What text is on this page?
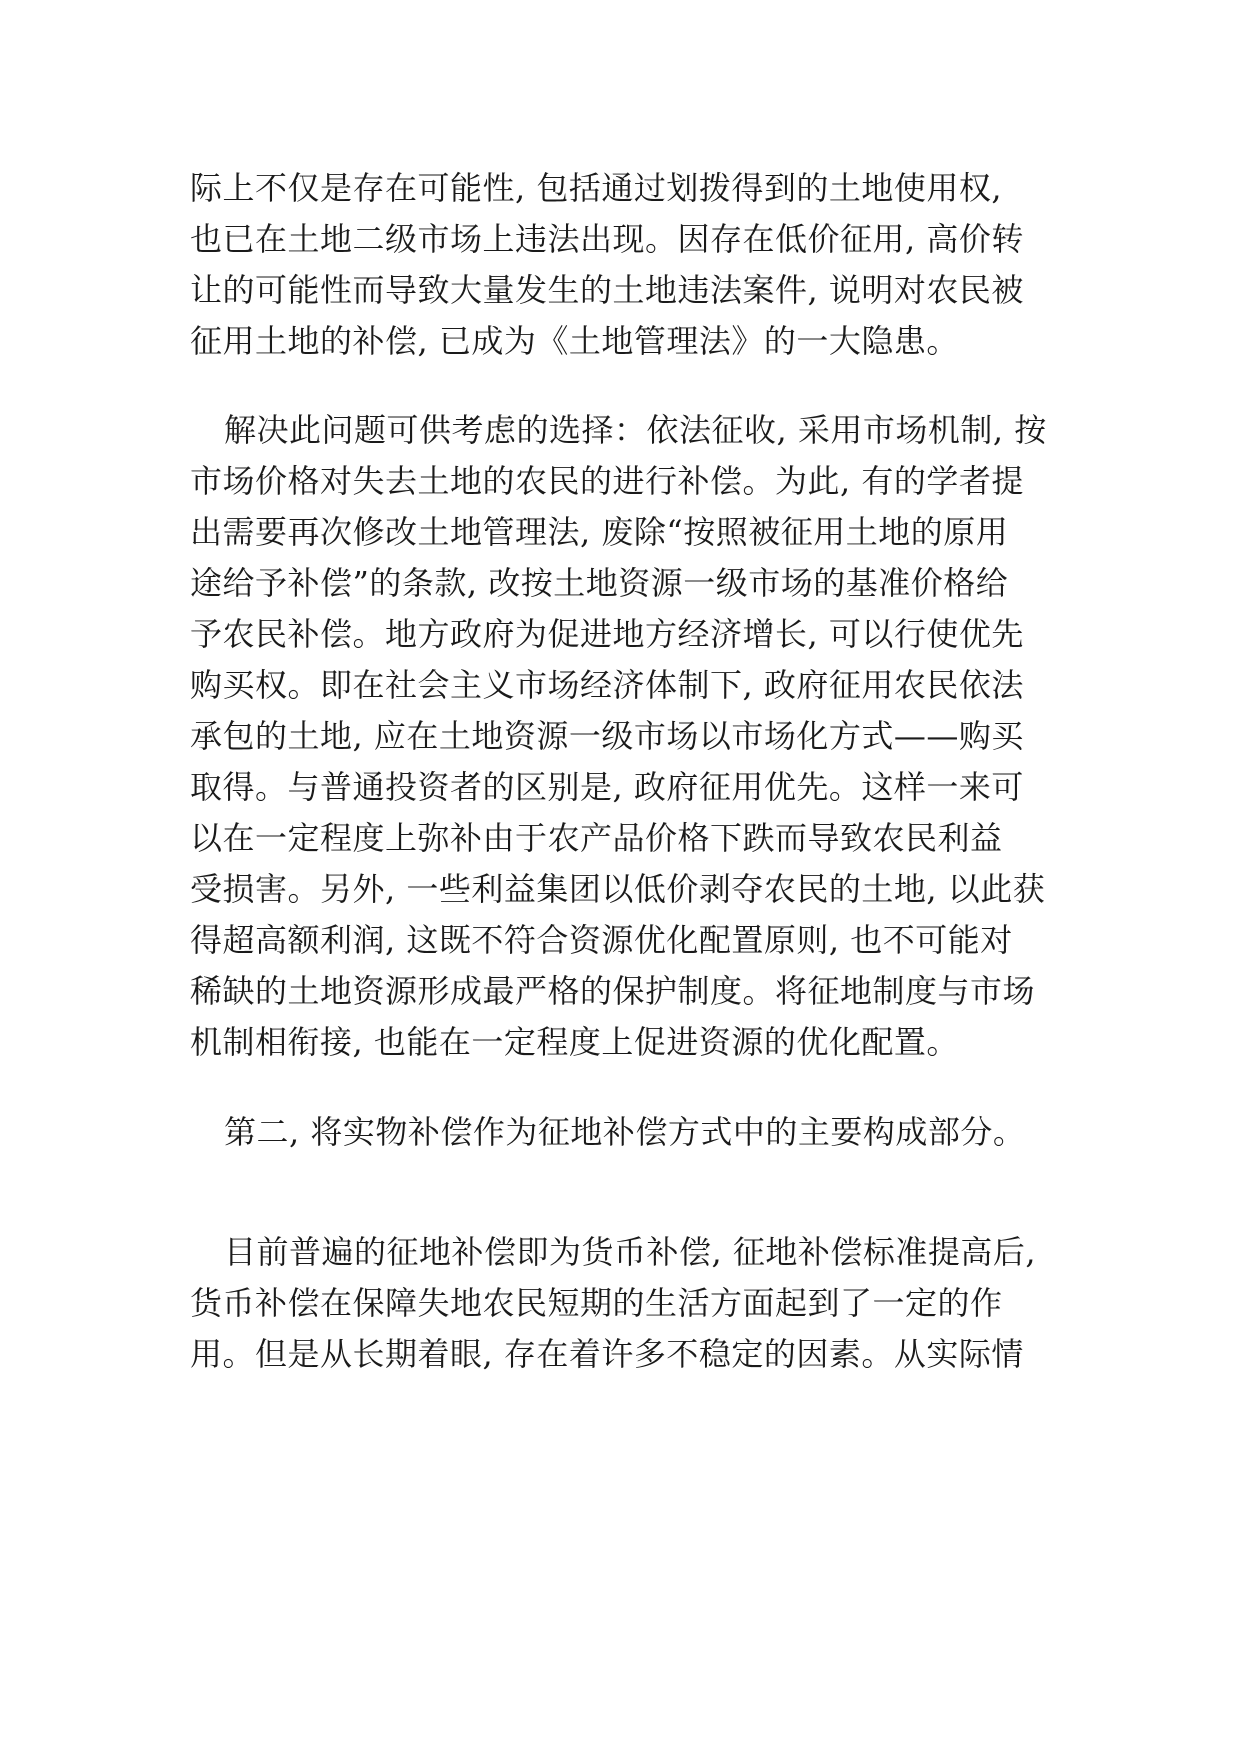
际上不仅是存在可能性, 包括通过划拨得到的土地使用权,
也已在土地二级市场上违法出现。因存在低价征用, 高价转
让的可能性而导致大量发生的土地违法案件, 说明对农民被
征用土地的补偿, 已成为《土地管理法》的一大隐患。
解决此问题可供考虑的选择：依法征收, 采用市场机制, 按
市场价格对失去土地的农民的进行补偿。为此, 有的学者提
出需要再次修改土地管理法, 废除“按照被征用土地的原用
途给予补偿”的条款, 改按土地资源一级市场的基准价格给
予农民补偿。地方政府为促进地方经济增长, 可以行使优先
购买权。即在社会主义市场经济体制下, 政府征用农民依法
承包的土地, 应在土地资源一级市场以市场化方式——购买
取得。与普通投资者的区别是, 政府征用优先。这样一来可
以在一定程度上弥补由于农产品价格下跌而导致农民利益
受损害。另外, 一些利益集团以低价剥夺农民的土地, 以此获
得超高额利润, 这既不符合资源优化配置原则, 也不可能对
稀缺的土地资源形成最严格的保护制度。将征地制度与市场
机制相衔接, 也能在一定程度上促进资源的优化配置。
第二, 将实物补偿作为征地补偿方式中的主要构成部分。
目前普遍的征地补偿即为货币补偿, 征地补偿标准提高后,
货币补偿在保障失地农民短期的生活方面起到了一定的作
用。但是从长期着眼, 存在着许多不稳定的因素。从实际情
